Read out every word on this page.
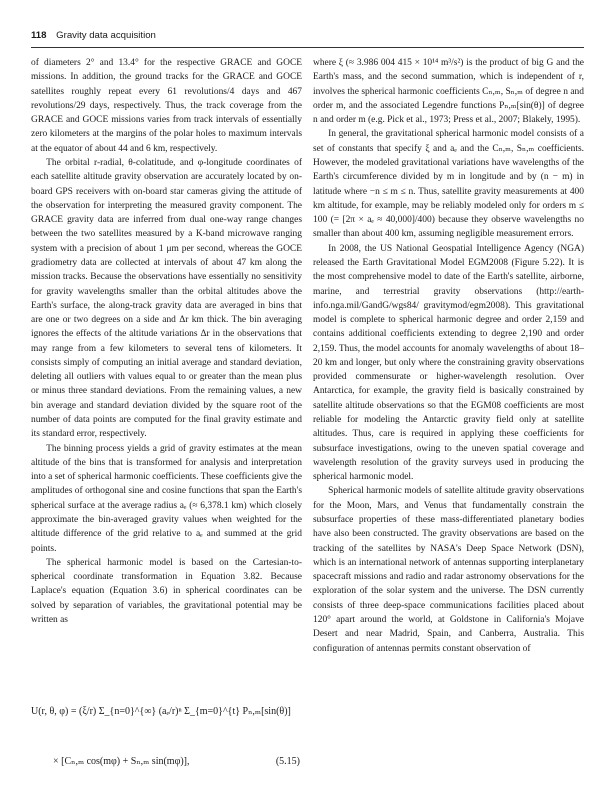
118 Gravity data acquisition

of diameters 2° and 13.4° for the respective GRACE and GOCE missions. In addition, the ground tracks for the GRACE and GOCE satellites roughly repeat every 61 revolutions/4 days and 467 revolutions/29 days, respectively. Thus, the track coverage from the GRACE and GOCE missions varies from track intervals of essentially zero kilometers at the margins of the polar holes to maximum intervals at the equator of about 44 and 6 km, respectively.

The orbital r-radial, θ-colatitude, and φ-longitude coordinates of each satellite altitude gravity observation are accurately located by on-board GPS receivers with on-board star cameras giving the attitude of the observation for interpreting the measured gravity component. The GRACE gravity data are inferred from dual one-way range changes between the two satellites measured by a K-band microwave ranging system with a precision of about 1 μm per second, whereas the GOCE gradiometry data are collected at intervals of about 47 km along the mission tracks. Because the observations have essentially no sensitivity for gravity wavelengths smaller than the orbital altitudes above the Earth's surface, the along-track gravity data are averaged in bins that are one or two degrees on a side and Δr km thick. The bin averaging ignores the effects of the altitude variations Δr in the observations that may range from a few kilometers to several tens of kilometers. It consists simply of computing an initial average and standard deviation, deleting all outliers with values equal to or greater than the mean plus or minus three standard deviations. From the remaining values, a new bin average and standard deviation divided by the square root of the number of data points are computed for the final gravity estimate and its standard error, respectively.

The binning process yields a grid of gravity estimates at the mean altitude of the bins that is transformed for analysis and interpretation into a set of spherical harmonic coefficients. These coefficients give the amplitudes of orthogonal sine and cosine functions that span the Earth's spherical surface at the average radius aₑ (≈ 6,378.1 km) which closely approximate the bin-averaged gravity values when weighted for the altitude difference of the grid relative to aₑ and summed at the grid points.

The spherical harmonic model is based on the Cartesian-to-spherical coordinate transformation in Equation 3.82. Because Laplace's equation (Equation 3.6) in spherical coordinates can be solved by separation of variables, the gravitational potential may be written as

U(r, θ, φ) = (ξ/r) Σ_{n=0}^{∞} (aₑ/r)ⁿ Σ_{m=0}^{t} Pₙ,ₘ[sin(θ)]
× [Cₙ,ₘ cos(mφ) + Sₙ,ₘ sin(mφ)],	(5.15)

where ξ (≈ 3.986 004 415 × 10¹⁴ m³/s²) is the product of big G and the Earth's mass, and the second summation, which is independent of r, involves the spherical harmonic coefficients Cₙ,ₘ, Sₙ,ₘ of degree n and order m, and the associated Legendre functions Pₙ,ₘ[sin(θ)] of degree n and order m (e.g. Pick et al., 1973; Press et al., 2007; Blakely, 1995).

In general, the gravitational spherical harmonic model consists of a set of constants that specify ξ and aₑ and the Cₙ,ₘ, Sₙ,ₘ coefficients. However, the modeled gravitational variations have wavelengths of the Earth's circumference divided by m in longitude and by (n − m) in latitude where −n ≤ m ≤ n. Thus, satellite gravity measurements at 400 km altitude, for example, may be reliably modeled only for orders m ≤ 100 (= [2π × aₑ ≈ 40,000]/400) because they observe wavelengths no smaller than about 400 km, assuming negligible measurement errors.

In 2008, the US National Geospatial Intelligence Agency (NGA) released the Earth Gravitational Model EGM2008 (Figure 5.22). It is the most comprehensive model to date of the Earth's satellite, airborne, marine, and terrestrial gravity observations (http://earth-info.nga.mil/GandG/wgs84/ gravitymod/egm2008). This gravitational model is complete to spherical harmonic degree and order 2,159 and contains additional coefficients extending to degree 2,190 and order 2,159. Thus, the model accounts for anomaly wavelengths of about 18–20 km and longer, but only where the constraining gravity observations provided commensurate or higher-wavelength resolution. Over Antarctica, for example, the gravity field is basically constrained by satellite altitude observations so that the EGM08 coefficients are most reliable for modeling the Antarctic gravity field only at satellite altitudes. Thus, care is required in applying these coefficients for subsurface investigations, owing to the uneven spatial coverage and wavelength resolution of the gravity surveys used in producing the spherical harmonic model.

Spherical harmonic models of satellite altitude gravity observations for the Moon, Mars, and Venus that fundamentally constrain the subsurface properties of these mass-differentiated planetary bodies have also been constructed. The gravity observations are based on the tracking of the satellites by NASA's Deep Space Network (DSN), which is an international network of antennas supporting interplanetary spacecraft missions and radio and radar astronomy observations for the exploration of the solar system and the universe. The DSN currently consists of three deep-space communications facilities placed about 120° apart around the world, at Goldstone in California's Mojave Desert and near Madrid, Spain, and Canberra, Australia. This configuration of antennas permits constant observation of
